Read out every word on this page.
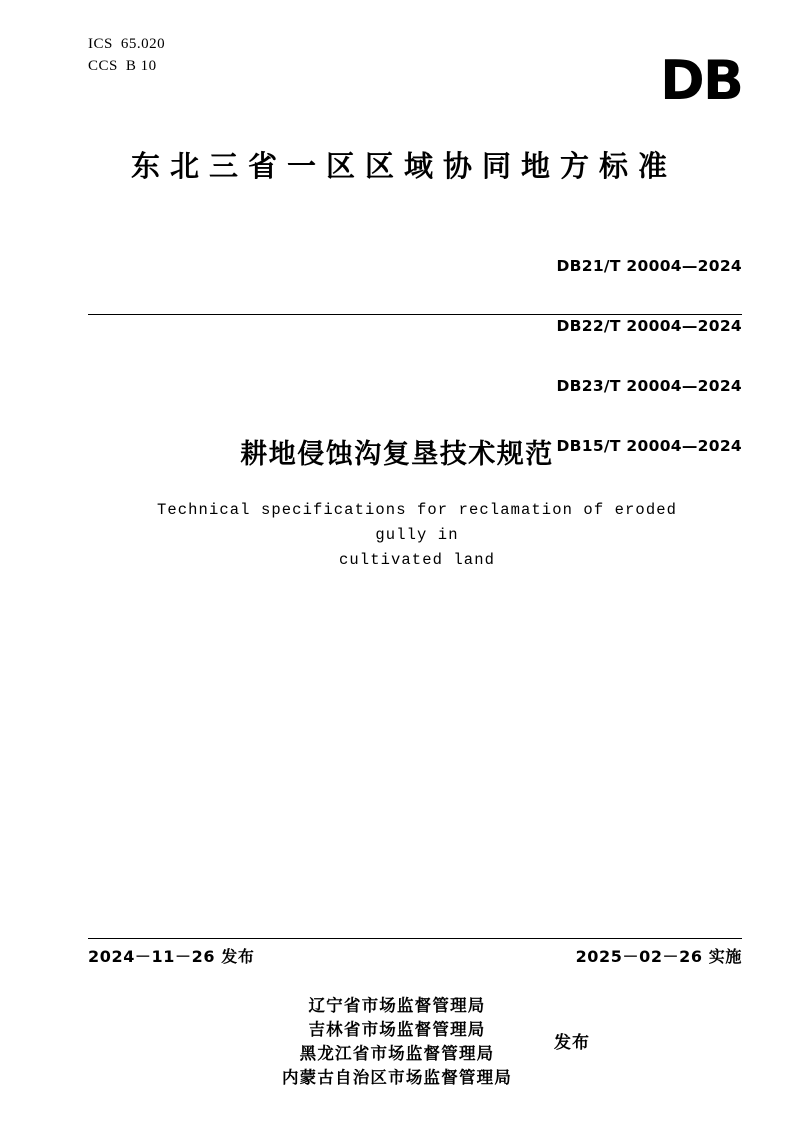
ICS 65.020
CCS B 10	DB
东北三省一区区域协同地方标准

DB21/T 20004—2024

DB22/T 20004—2024

DB23/T 20004—2024

DB15/T 20004—2024

耕地侵蚀沟复垦技术规范
Technical specifications for reclamation of eroded gully in
cultivated land
2024－11－26 发布	2025－02－26 实施
辽宁省市场监督管理局
吉林省市场监督管理局
黑龙江省市场监督管理局
内蒙古自治区市场监督管理局
发布
